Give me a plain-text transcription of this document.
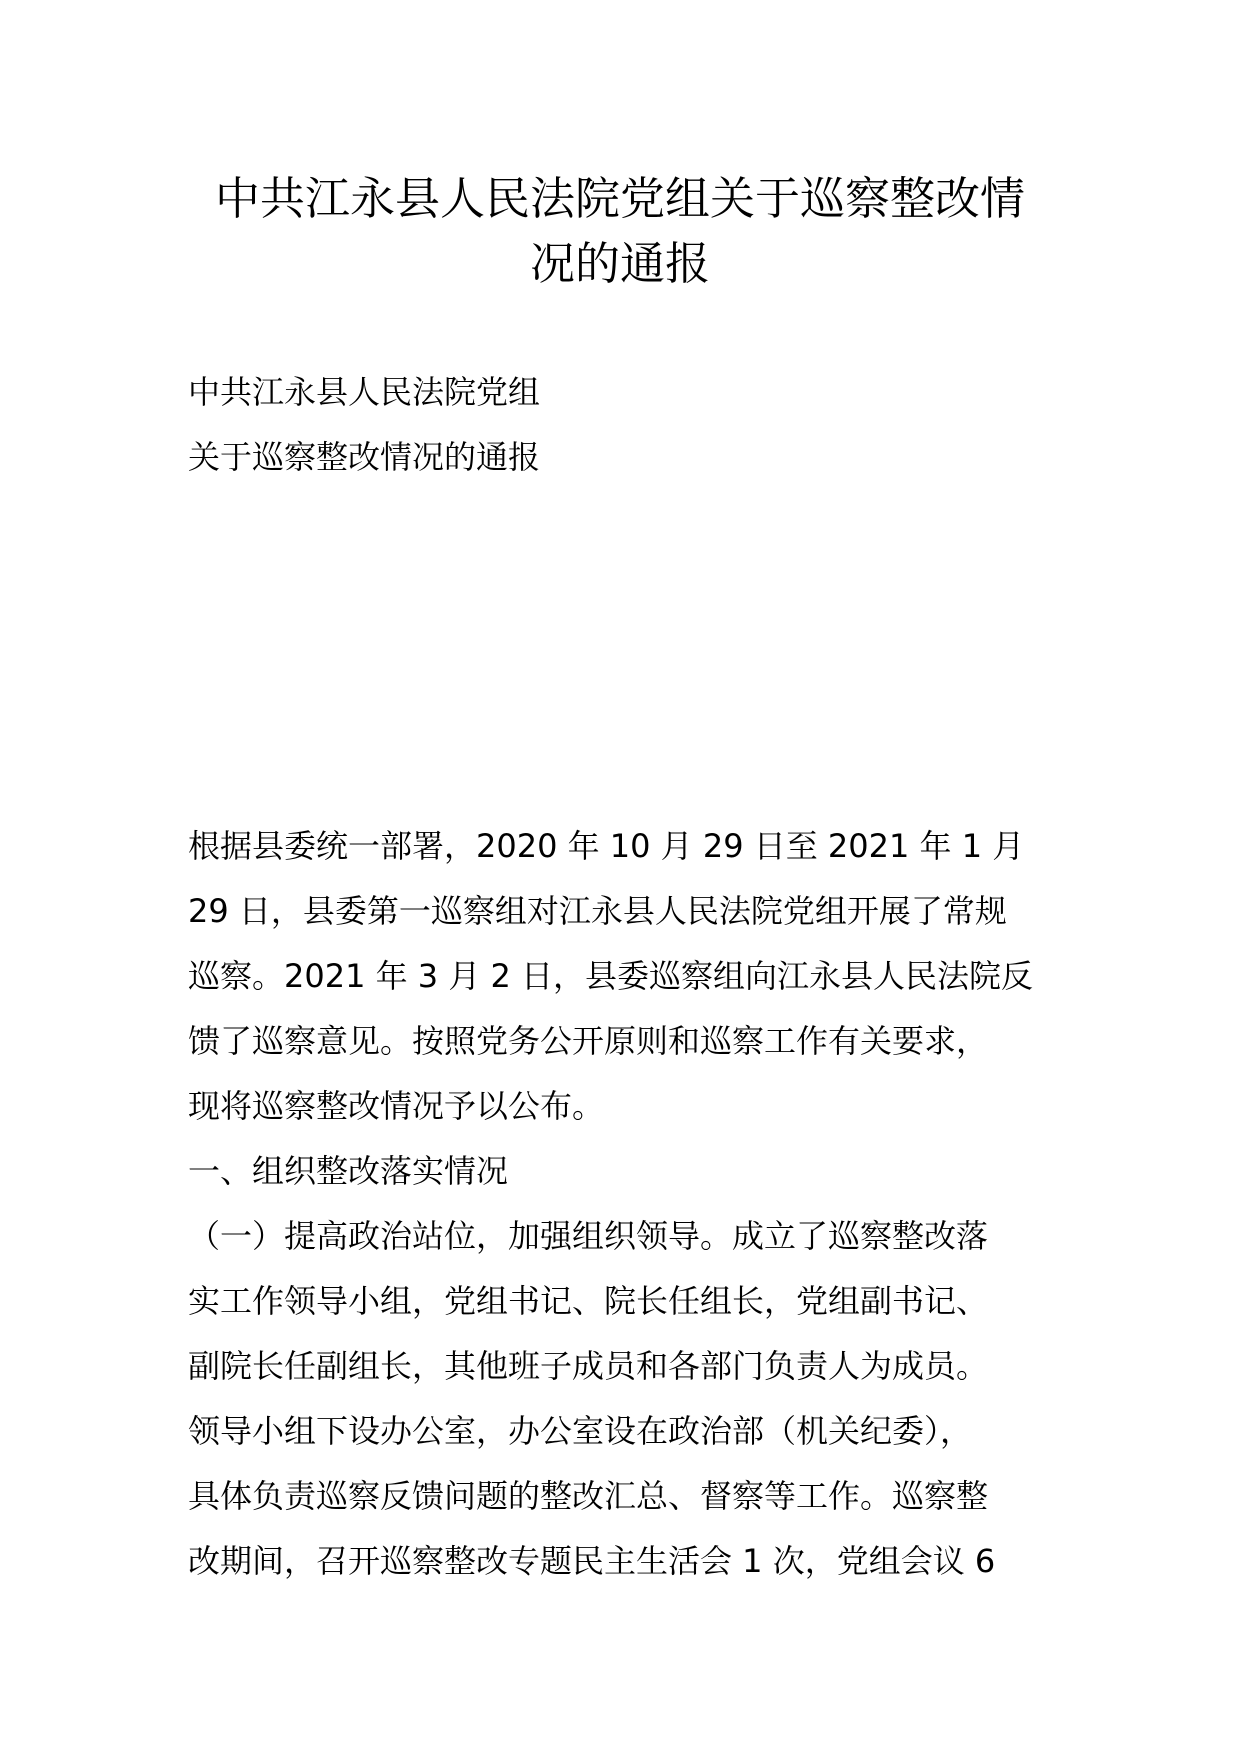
中共江永县人民法院党组关于巡察整改情
况的通报

中共江永县人民法院党组

关于巡察整改情况的通报

根据县委统一部署，2020 年 10 月 29 日至 2021 年 1 月

29 日，县委第一巡察组对江永县人民法院党组开展了常规

巡察。2021 年 3 月 2 日，县委巡察组向江永县人民法院反

馈了巡察意见。按照党务公开原则和巡察工作有关要求，

现将巡察整改情况予以公布。

一、组织整改落实情况

（一）提高政治站位，加强组织领导。成立了巡察整改落

实工作领导小组，党组书记、院长任组长，党组副书记、

副院长任副组长，其他班子成员和各部门负责人为成员。

领导小组下设办公室，办公室设在政治部（机关纪委），

具体负责巡察反馈问题的整改汇总、督察等工作。巡察整

改期间，召开巡察整改专题民主生活会 1 次，党组会议 6
